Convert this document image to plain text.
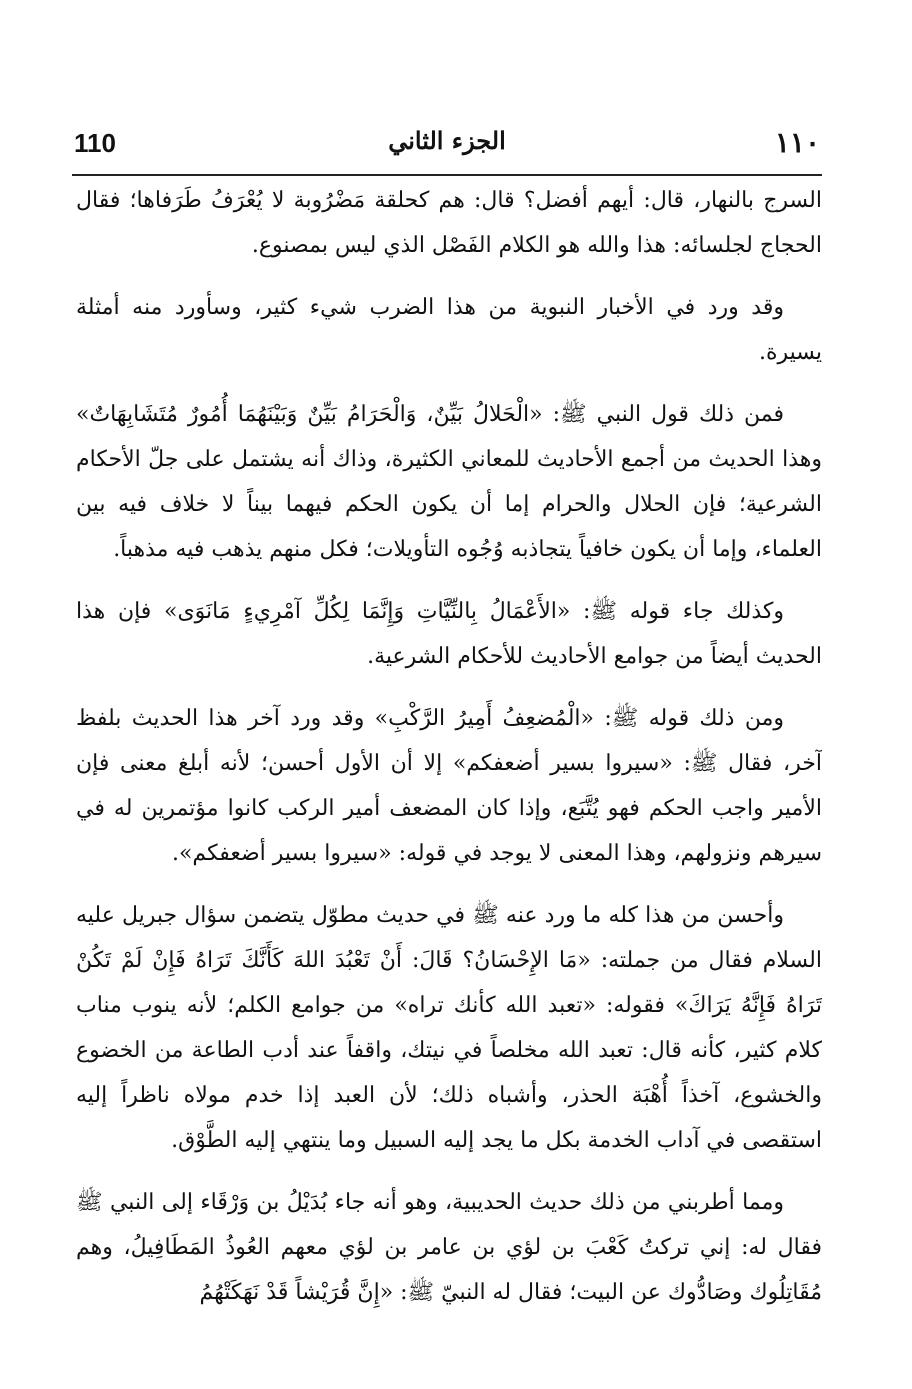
110	الجزء الثاني	١١٠

السرج بالنهار، قال: أيهم أفضل؟ قال: هم كحلقة مَضْرُوبة لا يُعْرَفُ طَرَفاها؛ فقال الحجاج لجلسائه: هذا والله هو الكلام الفَصْل الذي ليس بمصنوع.

وقد ورد في الأخبار النبوية من هذا الضرب شيء كثير، وسأورد منه أمثلة يسيرة.

فمن ذلك قول النبي ﷺ: «الْحَلالُ بَيِّنٌ، وَالْحَرَامُ بَيِّنٌ وَبَيْنَهُمَا أُمُورٌ مُتَشَابِهَاتٌ» وهذا الحديث من أجمع الأحاديث للمعاني الكثيرة، وذاك أنه يشتمل على جلّ الأحكام الشرعية؛ فإن الحلال والحرام إما أن يكون الحكم فيهما بيناً لا خلاف فيه بين العلماء، وإما أن يكون خافياً يتجاذبه وُجُوه التأويلات؛ فكل منهم يذهب فيه مذهباً.

وكذلك جاء قوله ﷺ: «الأَعْمَالُ بِالنِّيَّاتِ وَإِنَّمَا لِكُلِّ آمْرِيءٍ مَانَوَى» فإن هذا الحديث أيضاً من جوامع الأحاديث للأحكام الشرعية.

ومن ذلك قوله ﷺ: «الْمُضعِفُ أَمِيرُ الرَّكْبِ» وقد ورد آخر هذا الحديث بلفظ آخر، فقال ﷺ: «سيروا بسير أضعفكم» إلا أن الأول أحسن؛ لأنه أبلغ معنى فإن الأمير واجب الحكم فهو يُتَّبَع، وإذا كان المضعف أمير الركب كانوا مؤتمرين له في سيرهم ونزولهم، وهذا المعنى لا يوجد في قوله: «سيروا بسير أضعفكم».

وأحسن من هذا كله ما ورد عنه ﷺ في حديث مطوّل يتضمن سؤال جبريل عليه السلام فقال من جملته: «مَا الإِحْسَانُ؟ قَالَ: أَنْ تَعْبُدَ اللهَ كَأَنَّكَ تَرَاهُ فَإِنْ لَمْ تَكُنْ تَرَاهُ فَإِنَّهُ يَرَاكَ» فقوله: «تعبد الله كأنك تراه» من جوامع الكلم؛ لأنه ينوب مناب كلام كثير، كأنه قال: تعبد الله مخلصاً في نيتك، واقفاً عند أدب الطاعة من الخضوع والخشوع، آخذاً أُهْبَة الحذر، وأشباه ذلك؛ لأن العبد إذا خدم مولاه ناظراً إليه استقصى في آداب الخدمة بكل ما يجد إليه السبيل وما ينتهي إليه الطَّوْق.

ومما أطربني من ذلك حديث الحديبية، وهو أنه جاء بُدَيْلُ بن وَرْقَاء إلى النبي ﷺ فقال له: إني تركتُ كَعْبَ بن لؤي بن عامر بن لؤي معهم العُوذُ المَطَافِيلُ، وهم مُقَاتِلُوك وصَادُّوك عن البيت؛ فقال له النبيّ ﷺ: «إِنَّ قُرَيْشاً قَدْ نَهَكَتْهُمُ
